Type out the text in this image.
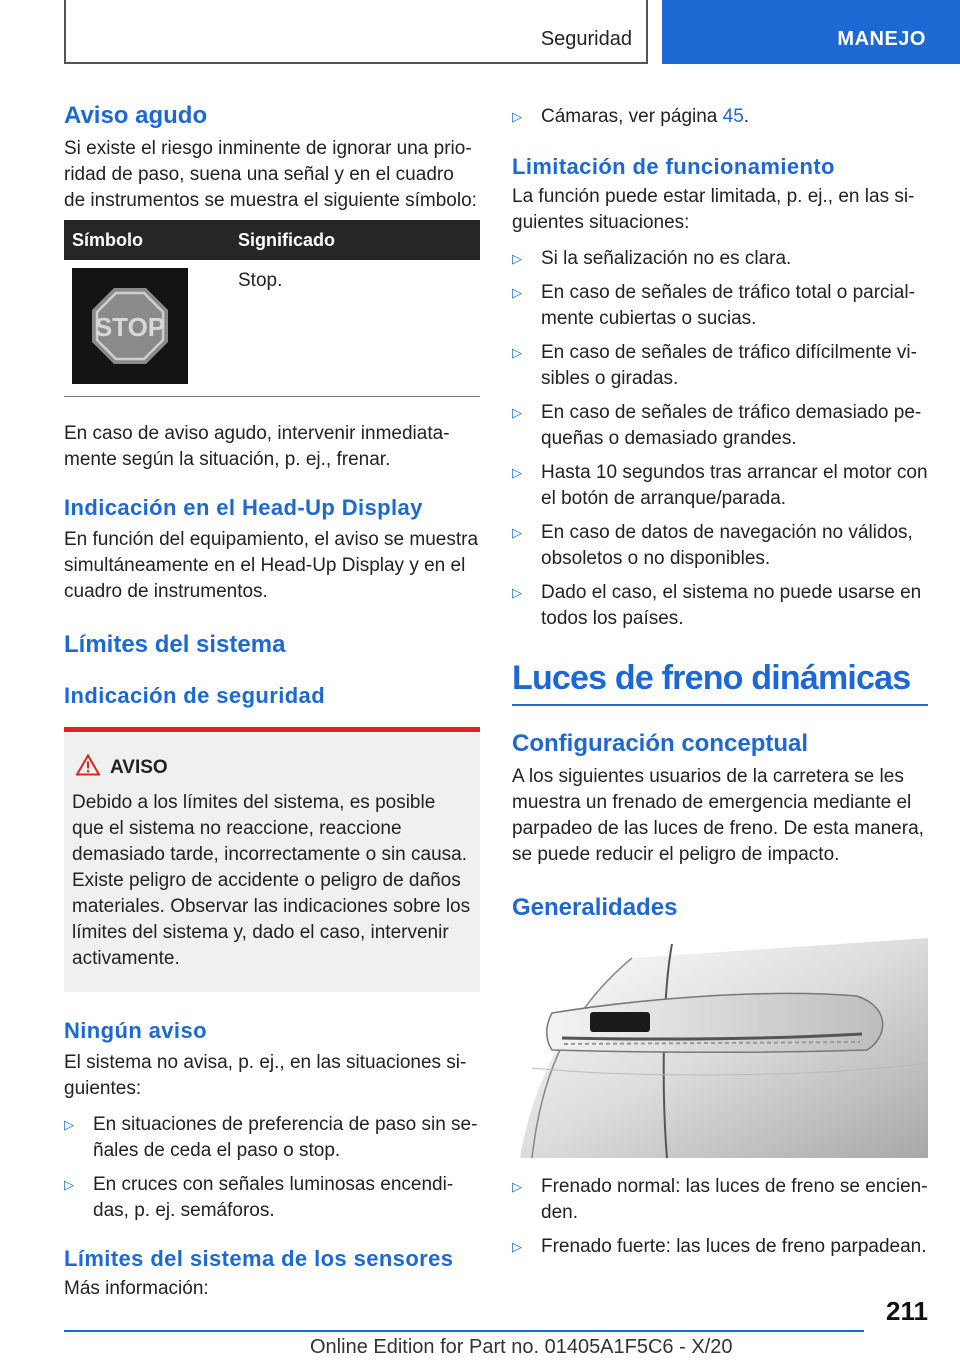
Seguridad	MANEJO
Aviso agudo

Si existe el riesgo inminente de ignorar una prioridad de paso, suena una señal y en el cuadro de instrumentos se muestra el siguiente símbolo:

Símbolo	Significado

STOP	Stop.

En caso de aviso agudo, intervenir inmediatamente según la situación, p. ej., frenar.

Indicación en el Head-Up Display

En función del equipamiento, el aviso se muestra simultáneamente en el Head-Up Display y en el cuadro de instrumentos.

Límites del sistema
Indicación de seguridad
AVISO

Debido a los límites del sistema, es posible que el sistema no reaccione, reaccione demasiado tarde, incorrectamente o sin causa. Existe peligro de accidente o peligro de daños materiales. Observar las indicaciones sobre los límites del sistema y, dado el caso, intervenir activamente.

Ningún aviso

El sistema no avisa, p. ej., en las situaciones siguientes:

▷ En situaciones de preferencia de paso sin señales de ceda el paso o stop.
▷ En cruces con señales luminosas encendidas, p. ej. semáforos.
Límites del sistema de los sensores

Más información:

▷ Cámaras, ver página 45.
Limitación de funcionamiento

La función puede estar limitada, p. ej., en las siguientes situaciones:

▷ Si la señalización no es clara.
▷ En caso de señales de tráfico total o parcialmente cubiertas o sucias.
▷ En caso de señales de tráfico difícilmente visibles o giradas.
▷ En caso de señales de tráfico demasiado pequeñas o demasiado grandes.
▷ Hasta 10 segundos tras arrancar el motor con el botón de arranque/parada.
▷ En caso de datos de navegación no válidos, obsoletos o no disponibles.
▷ Dado el caso, el sistema no puede usarse en todos los países.
Luces de freno dinámicas
Configuración conceptual

A los siguientes usuarios de la carretera se les muestra un frenado de emergencia mediante el parpadeo de las luces de freno. De esta manera, se puede reducir el peligro de impacto.

Generalidades
▷ Frenado normal: las luces de freno se encienden.
▷ Frenado fuerte: las luces de freno parpadean.
211
Online Edition for Part no. 01405A1F5C6 - X/20
